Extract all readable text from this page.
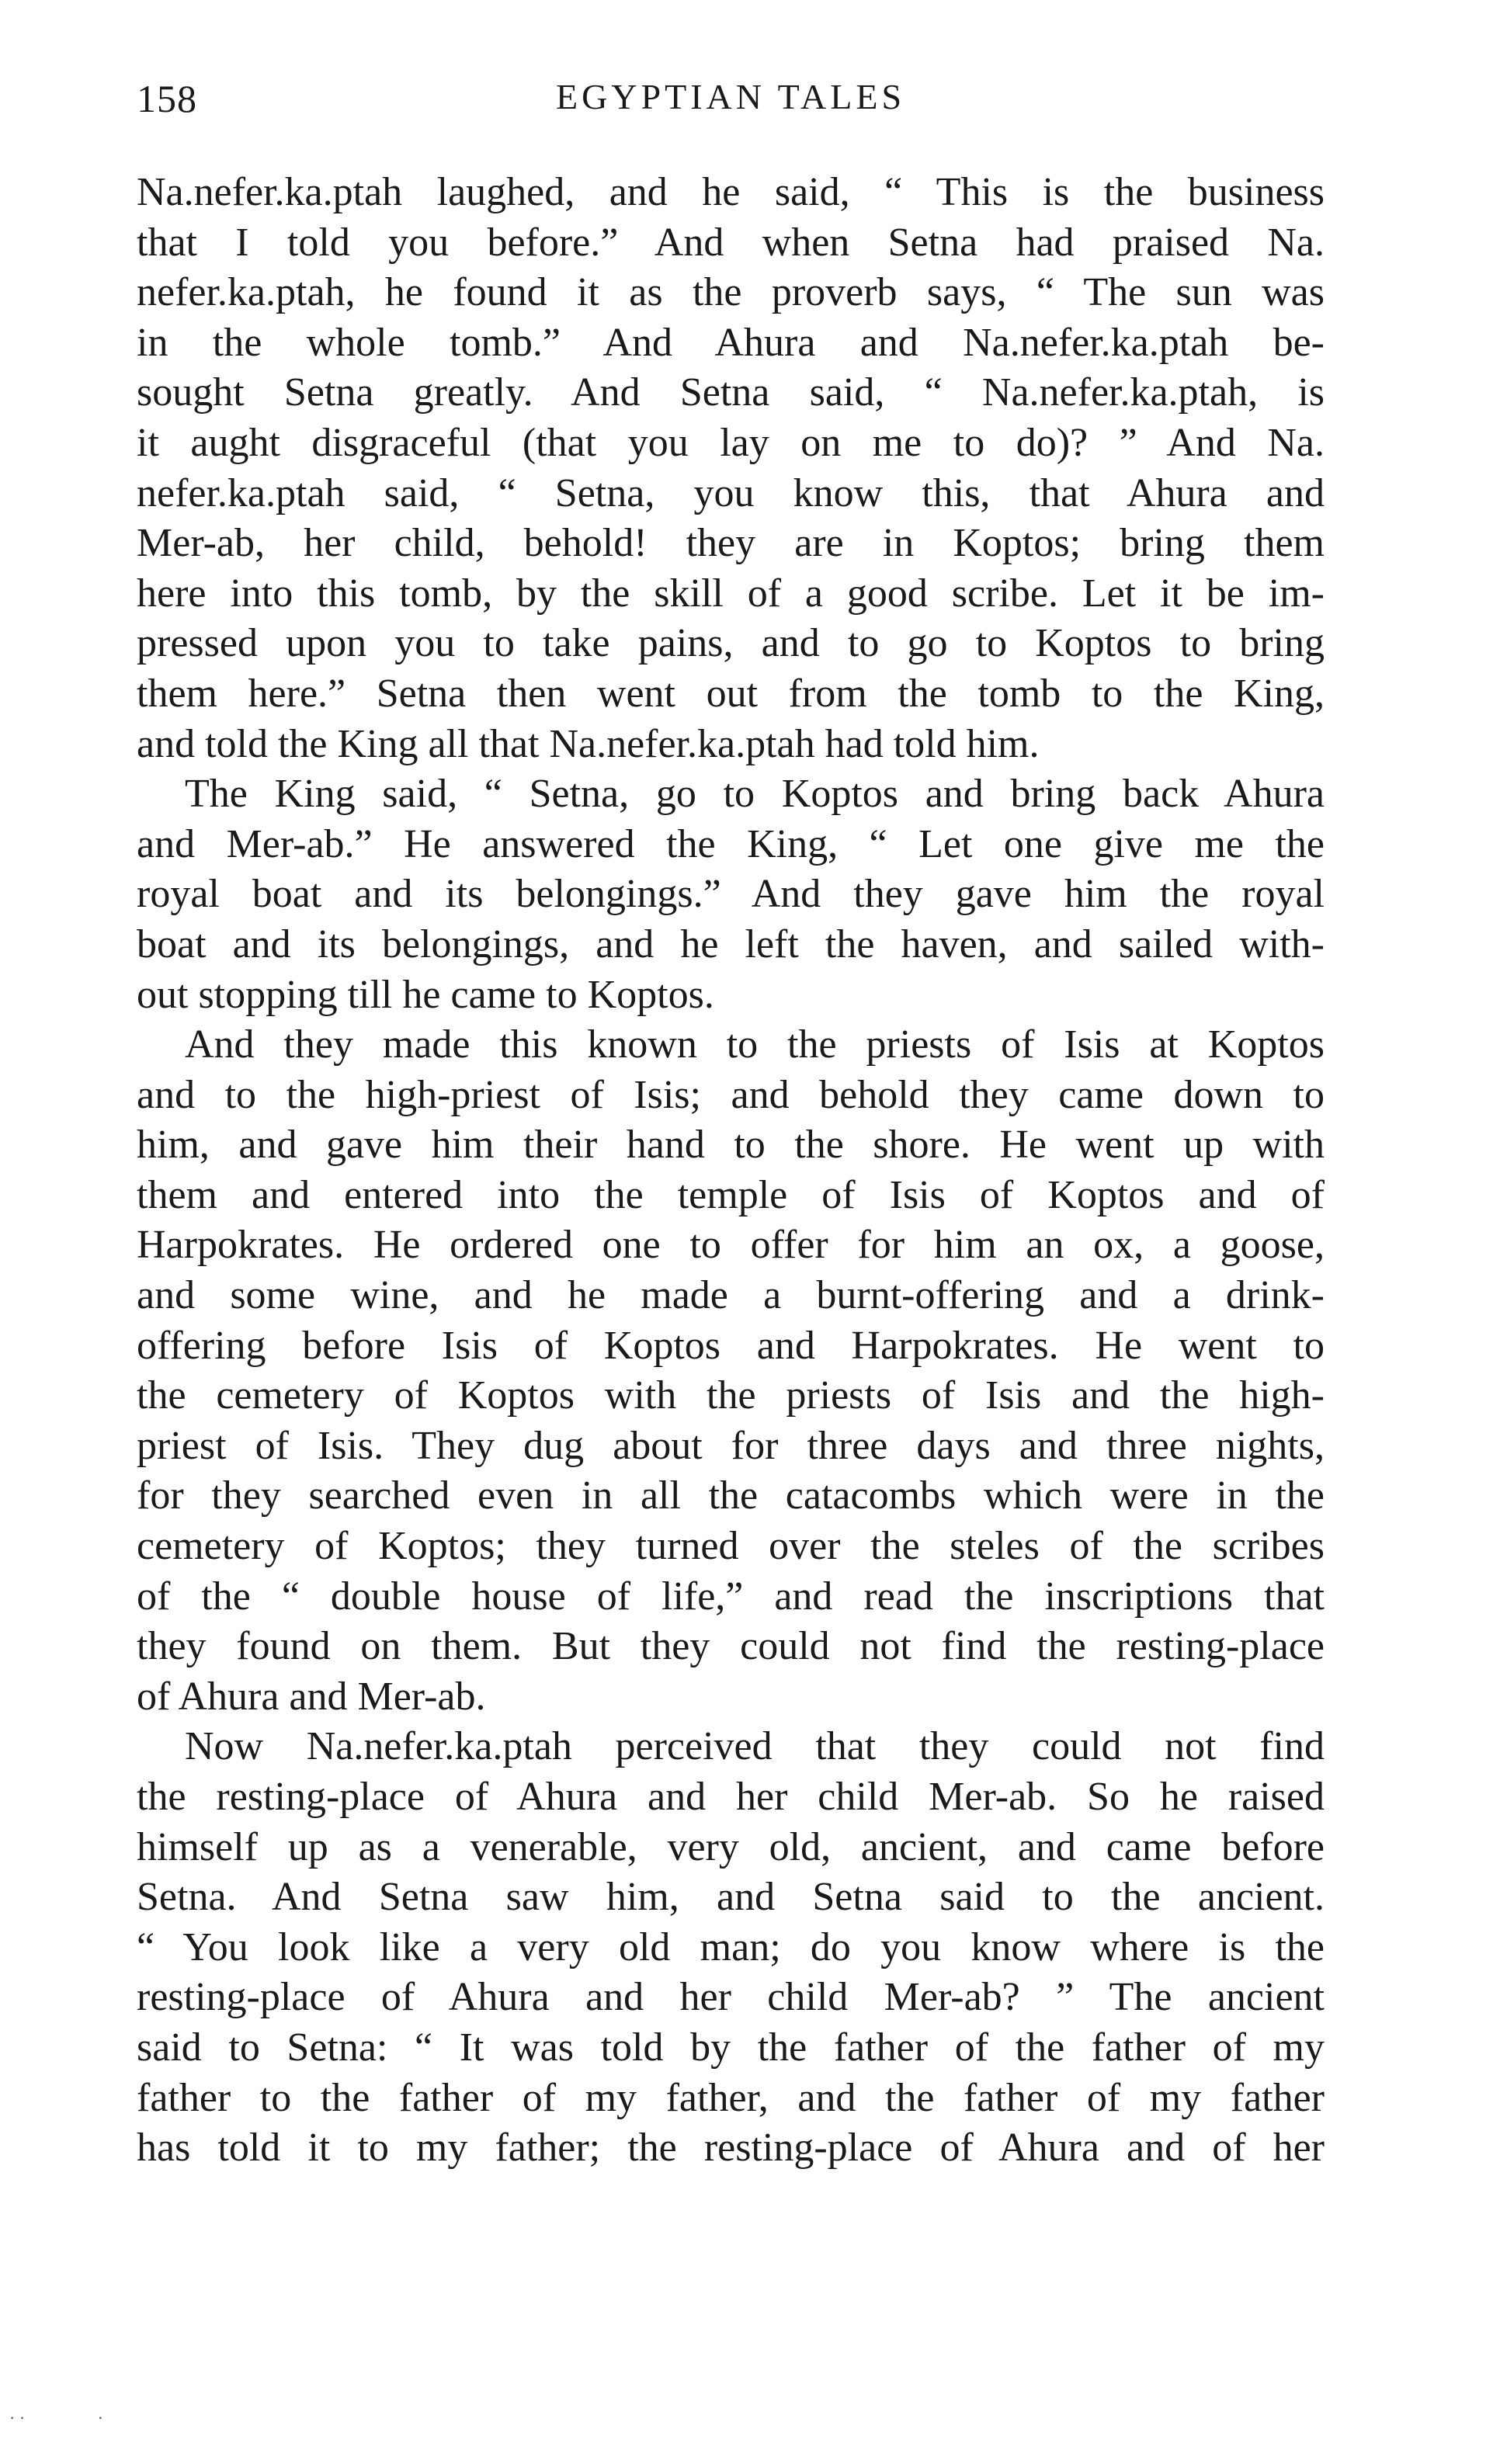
158	EGYPTIAN TALES
Na.nefer.ka.ptah laughed, and he said, “ This is the business
that I told you before.” And when Setna had praised Na.
nefer.ka.ptah, he found it as the proverb says, “ The sun was
in the whole tomb.” And Ahura and Na.nefer.ka.ptah be-
sought Setna greatly. And Setna said, “ Na.nefer.ka.ptah, is
it aught disgraceful (that you lay on me to do)? ” And Na.
nefer.ka.ptah said, “ Setna, you know this, that Ahura and
Mer-ab, her child, behold! they are in Koptos; bring them
here into this tomb, by the skill of a good scribe. Let it be im-
pressed upon you to take pains, and to go to Koptos to bring
them here.” Setna then went out from the tomb to the King,
and told the King all that Na.nefer.ka.ptah had told him.
The King said, “ Setna, go to Koptos and bring back Ahura
and Mer-ab.” He answered the King, “ Let one give me the
royal boat and its belongings.” And they gave him the royal
boat and its belongings, and he left the haven, and sailed with-
out stopping till he came to Koptos.
And they made this known to the priests of Isis at Koptos
and to the high-priest of Isis; and behold they came down to
him, and gave him their hand to the shore. He went up with
them and entered into the temple of Isis of Koptos and of
Harpokrates. He ordered one to offer for him an ox, a goose,
and some wine, and he made a burnt-offering and a drink-
offering before Isis of Koptos and Harpokrates. He went to
the cemetery of Koptos with the priests of Isis and the high-
priest of Isis. They dug about for three days and three nights,
for they searched even in all the catacombs which were in the
cemetery of Koptos; they turned over the steles of the scribes
of the “ double house of life,” and read the inscriptions that
they found on them. But they could not find the resting-place
of Ahura and Mer-ab.
Now Na.nefer.ka.ptah perceived that they could not find
the resting-place of Ahura and her child Mer-ab. So he raised
himself up as a venerable, very old, ancient, and came before
Setna. And Setna saw him, and Setna said to the ancient.
“ You look like a very old man; do you know where is the
resting-place of Ahura and her child Mer-ab? ” The ancient
said to Setna: “ It was told by the father of the father of my
father to the father of my father, and the father of my father
has told it to my father; the resting-place of Ahura and of her
· ·                 ·
